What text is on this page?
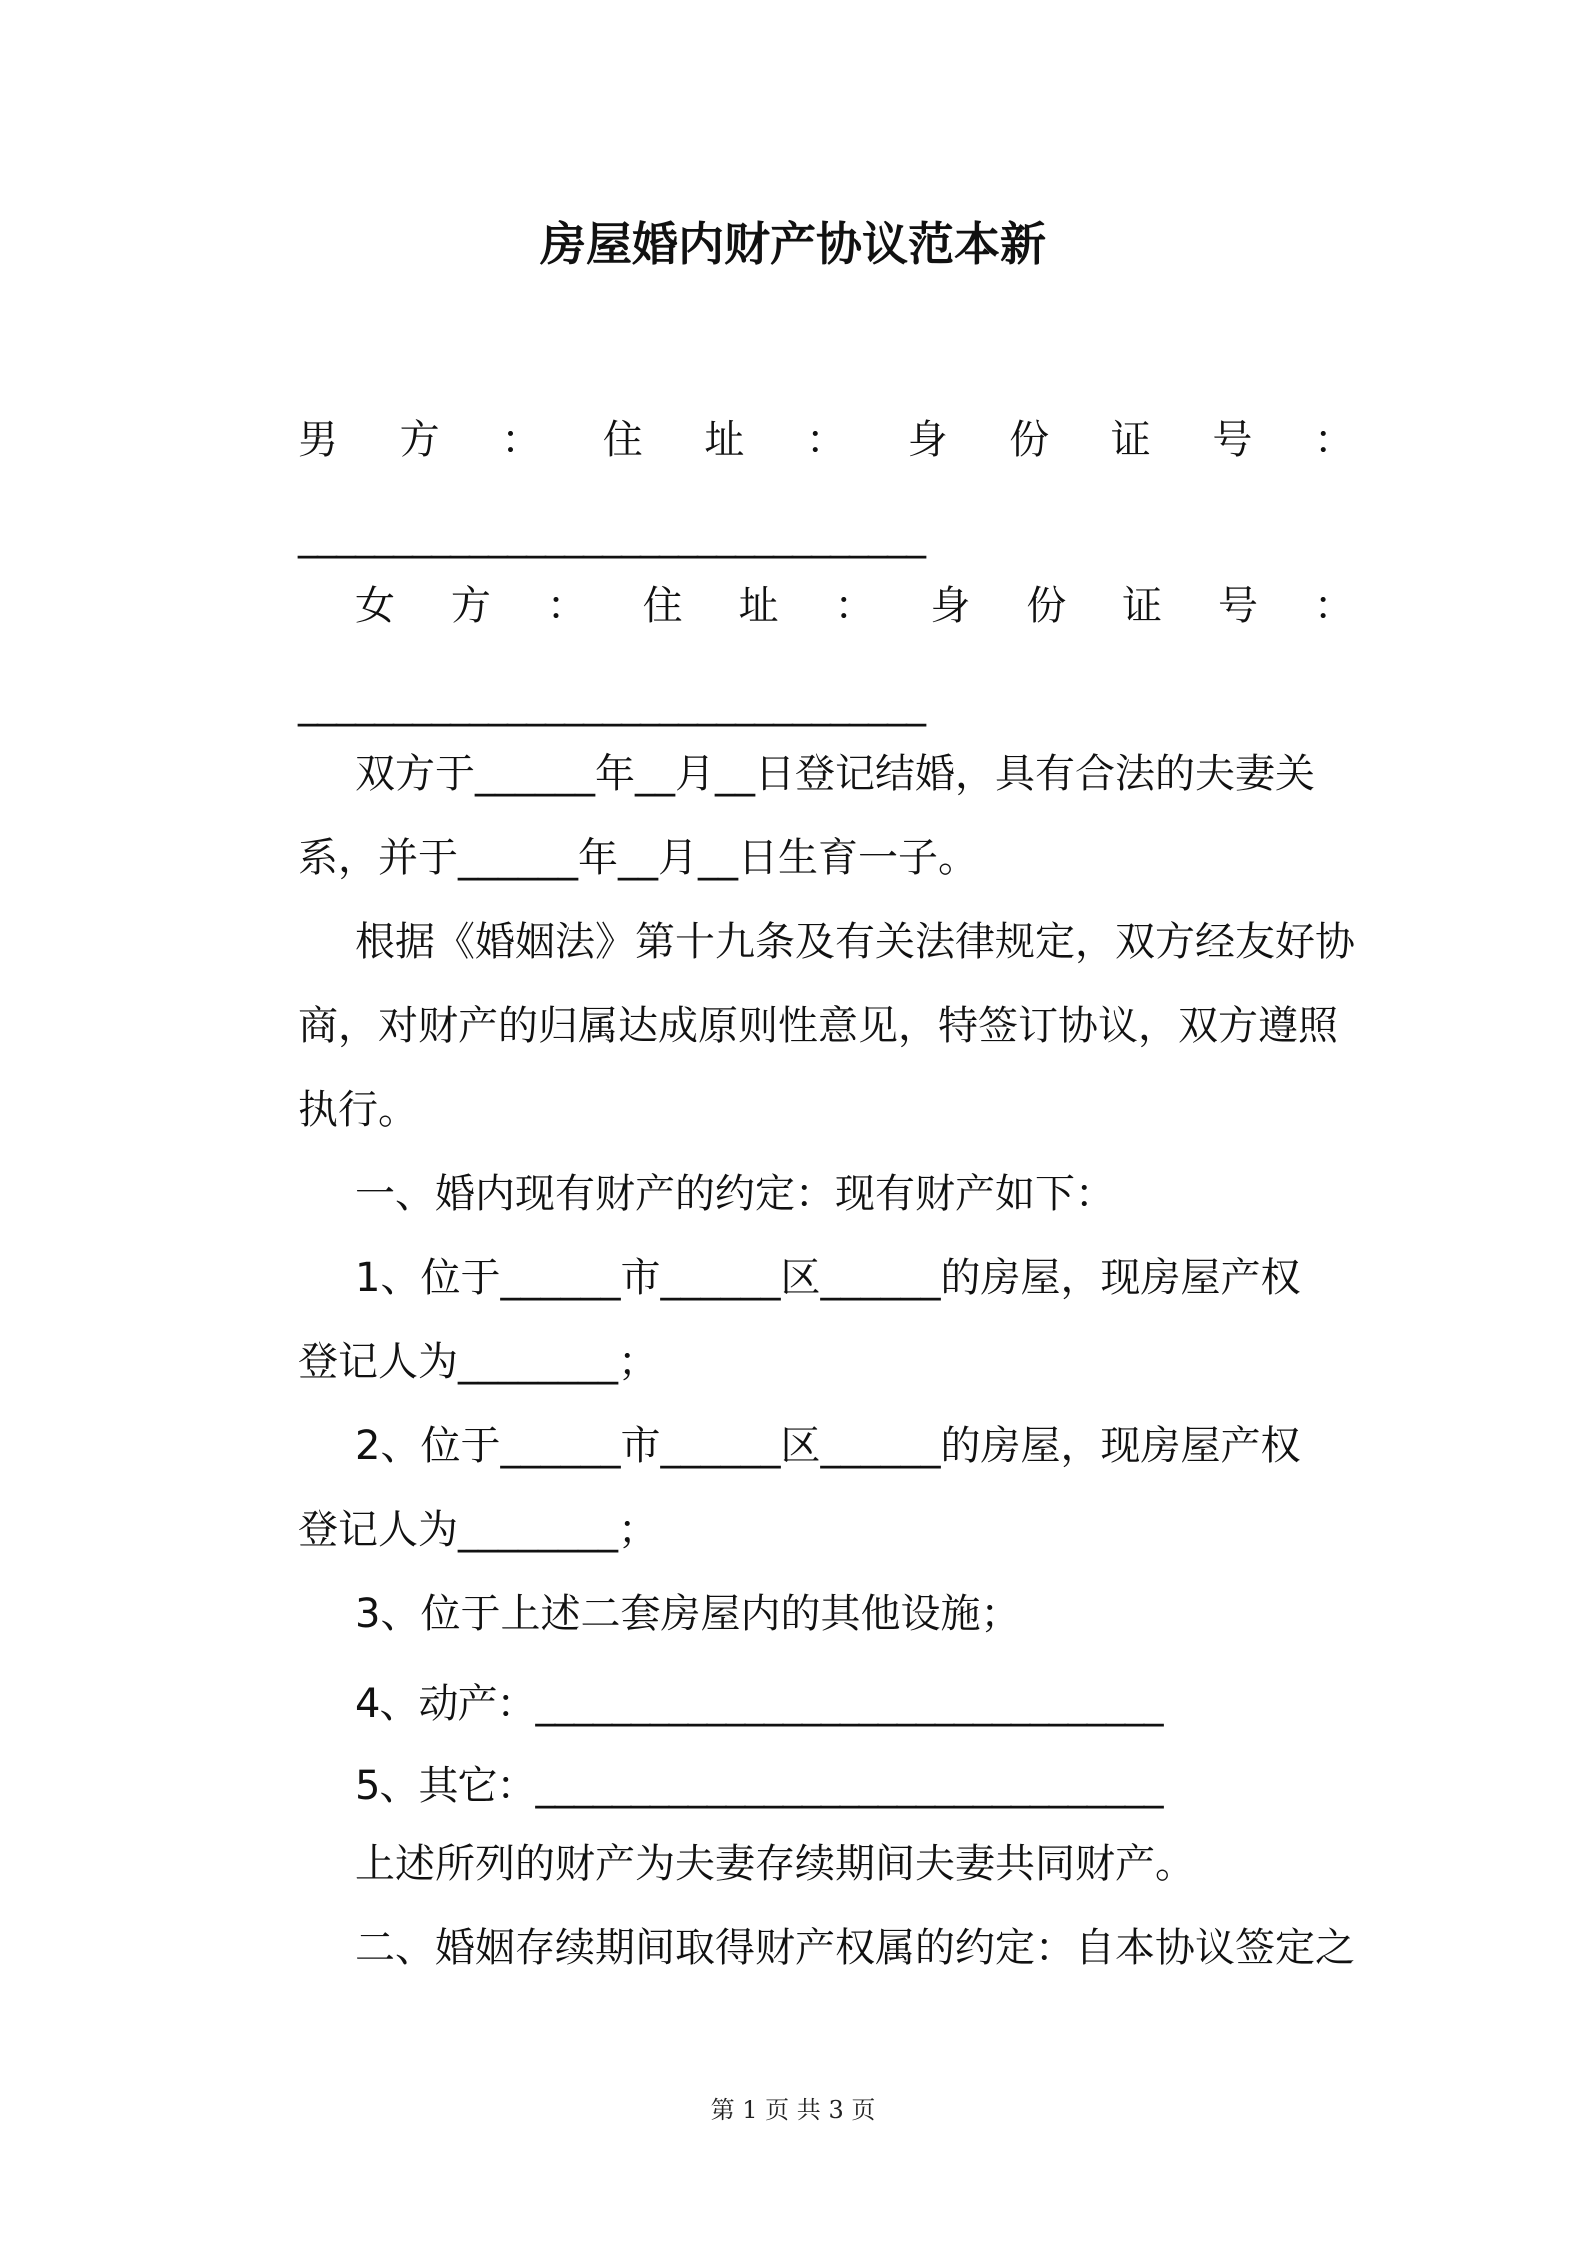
房屋婚内财产协议范本新
男 方 ： 住 址 ： 身 份 证 号 ：
_________________________________
女 方 ： 住 址 ： 身 份 证 号 ：
_________________________________
双方于______年__月__日登记结婚，具有合法的夫妻关
系，并于______年__月__日生育一子。
根据《婚姻法》第十九条及有关法律规定，双方经友好协
商，对财产的归属达成原则性意见，特签订协议，双方遵照
执行。
一、婚内现有财产的约定：现有财产如下：
1、位于______市______区______的房屋，现房屋产权
登记人为________；
2、位于______市______区______的房屋，现房屋产权
登记人为________；
3、位于上述二套房屋内的其他设施；
4、动产：_________________________________
5、其它：_________________________________
上述所列的财产为夫妻存续期间夫妻共同财产。
二、婚姻存续期间取得财产权属的约定：自本协议签定之
第 1 页 共 3 页
